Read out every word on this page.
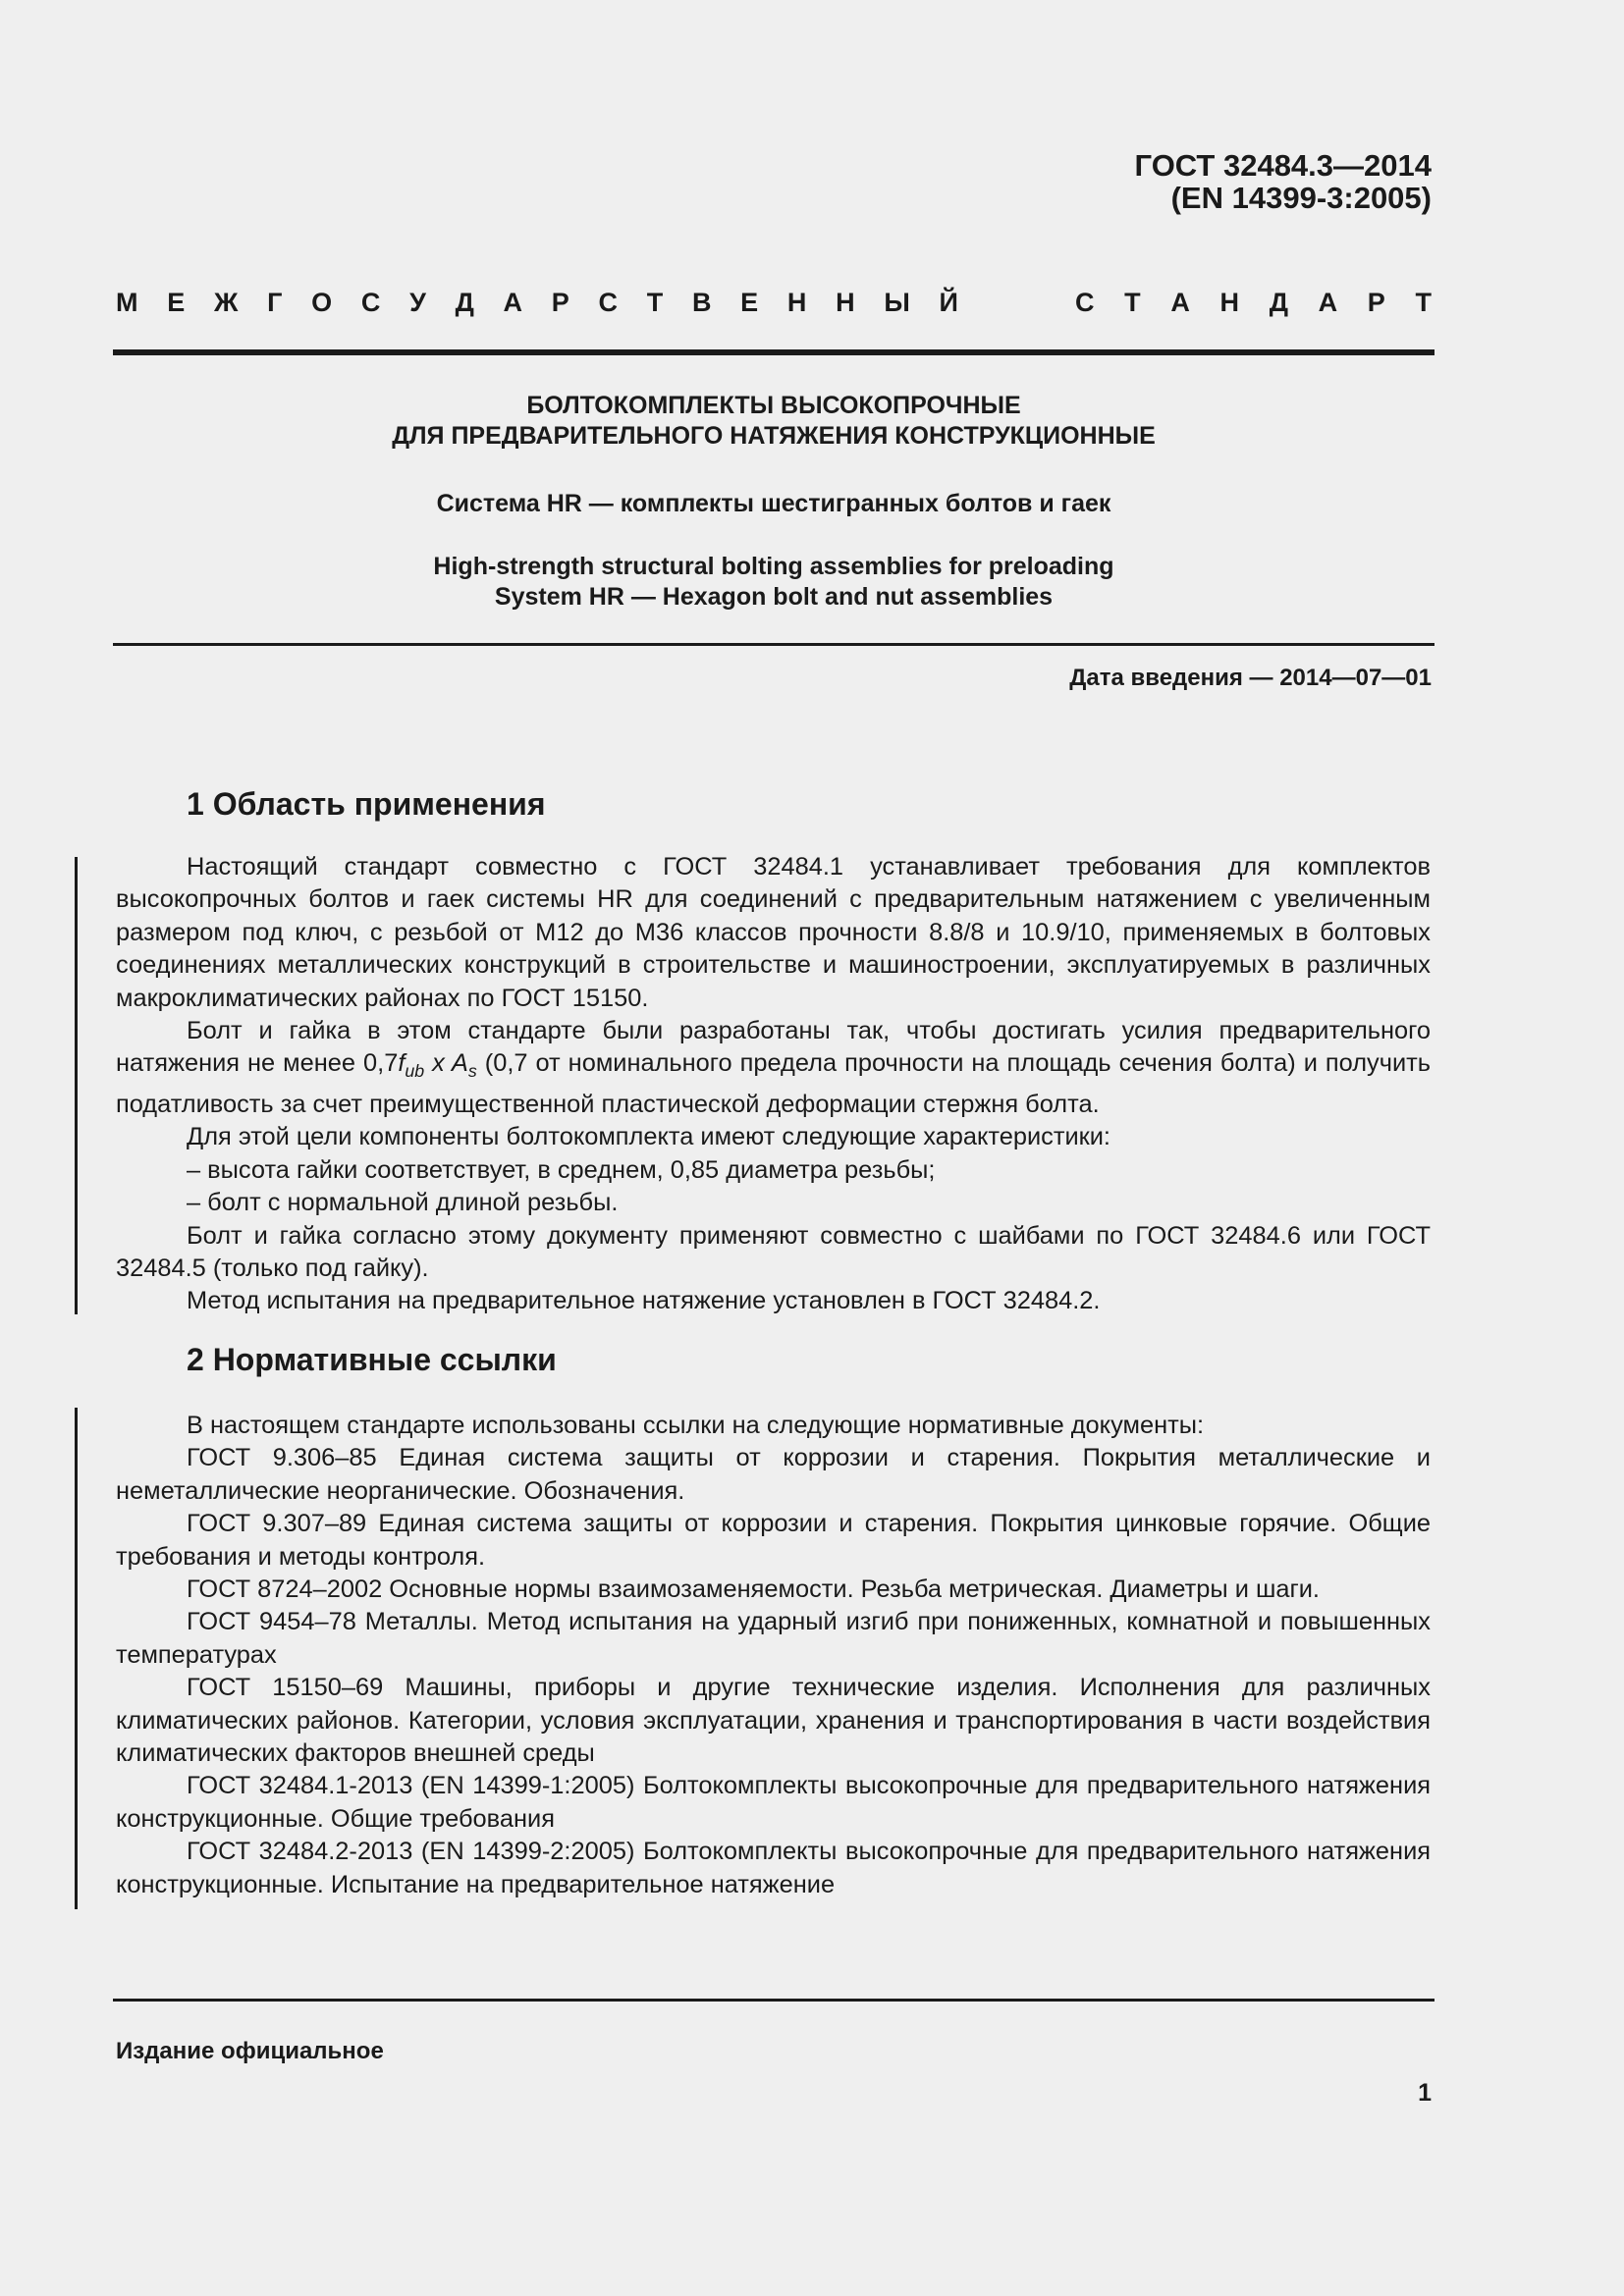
ГОСТ 32484.3—2014
(EN 14399-3:2005)
М Е Ж Г О С У Д А Р С Т В Е Н Н Ы Й	С Т А Н Д А Р Т
БОЛТОКОМПЛЕКТЫ ВЫСОКОПРОЧНЫЕ
ДЛЯ ПРЕДВАРИТЕЛЬНОГО НАТЯЖЕНИЯ КОНСТРУКЦИОННЫЕ
Система HR — комплекты шестигранных болтов и гаек
High-strength structural bolting assemblies for preloading
System HR — Hexagon bolt and nut assemblies
Дата введения — 2014—07—01
1 Область применения

Настоящий стандарт совместно с ГОСТ 32484.1 устанавливает требования для комплектов высокопрочных болтов и гаек системы HR для соединений с предварительным натяжением с увеличенным размером под ключ, с резьбой от М12 до М36 классов прочности 8.8/8 и 10.9/10, применяемых в болтовых соединениях металлических конструкций в строительстве и машиностроении, эксплуатируемых в различных макроклиматических районах по ГОСТ 15150.

Болт и гайка в этом стандарте были разработаны так, чтобы достигать усилия предварительного натяжения не менее $0,7f_{ub}$ x $A_s$ (0,7 от номинального предела прочности на площадь сечения болта) и получить податливость за счет преимущественной пластической деформации стержня болта.

Для этой цели компоненты болтокомплекта имеют следующие характеристики:

– высота гайки соответствует, в среднем, 0,85 диаметра резьбы;

– болт с нормальной длиной резьбы.

Болт и гайка согласно этому документу применяют совместно с шайбами по ГОСТ 32484.6 или ГОСТ 32484.5 (только под гайку).

Метод испытания на предварительное натяжение установлен в ГОСТ 32484.2.

2 Нормативные ссылки

В настоящем стандарте использованы ссылки на следующие нормативные документы:

ГОСТ 9.306–85 Единая система защиты от коррозии и старения. Покрытия металлические и неметаллические неорганические. Обозначения.

ГОСТ 9.307–89 Единая система защиты от коррозии и старения. Покрытия цинковые горячие. Общие требования и методы контроля.

ГОСТ 8724–2002 Основные нормы взаимозаменяемости. Резьба метрическая. Диаметры и шаги.

ГОСТ 9454–78 Металлы. Метод испытания на ударный изгиб при пониженных, комнатной и повышенных температурах

ГОСТ 15150–69 Машины, приборы и другие технические изделия. Исполнения для различных климатических районов. Категории, условия эксплуатации, хранения и транспортирования в части воздействия климатических факторов внешней среды

ГОСТ 32484.1-2013 (EN 14399-1:2005) Болтокомплекты высокопрочные для предварительного натяжения конструкционные. Общие требования

ГОСТ 32484.2-2013 (EN 14399-2:2005) Болтокомплекты высокопрочные для предварительного натяжения конструкционные. Испытание на предварительное натяжение

Издание официальное
1
